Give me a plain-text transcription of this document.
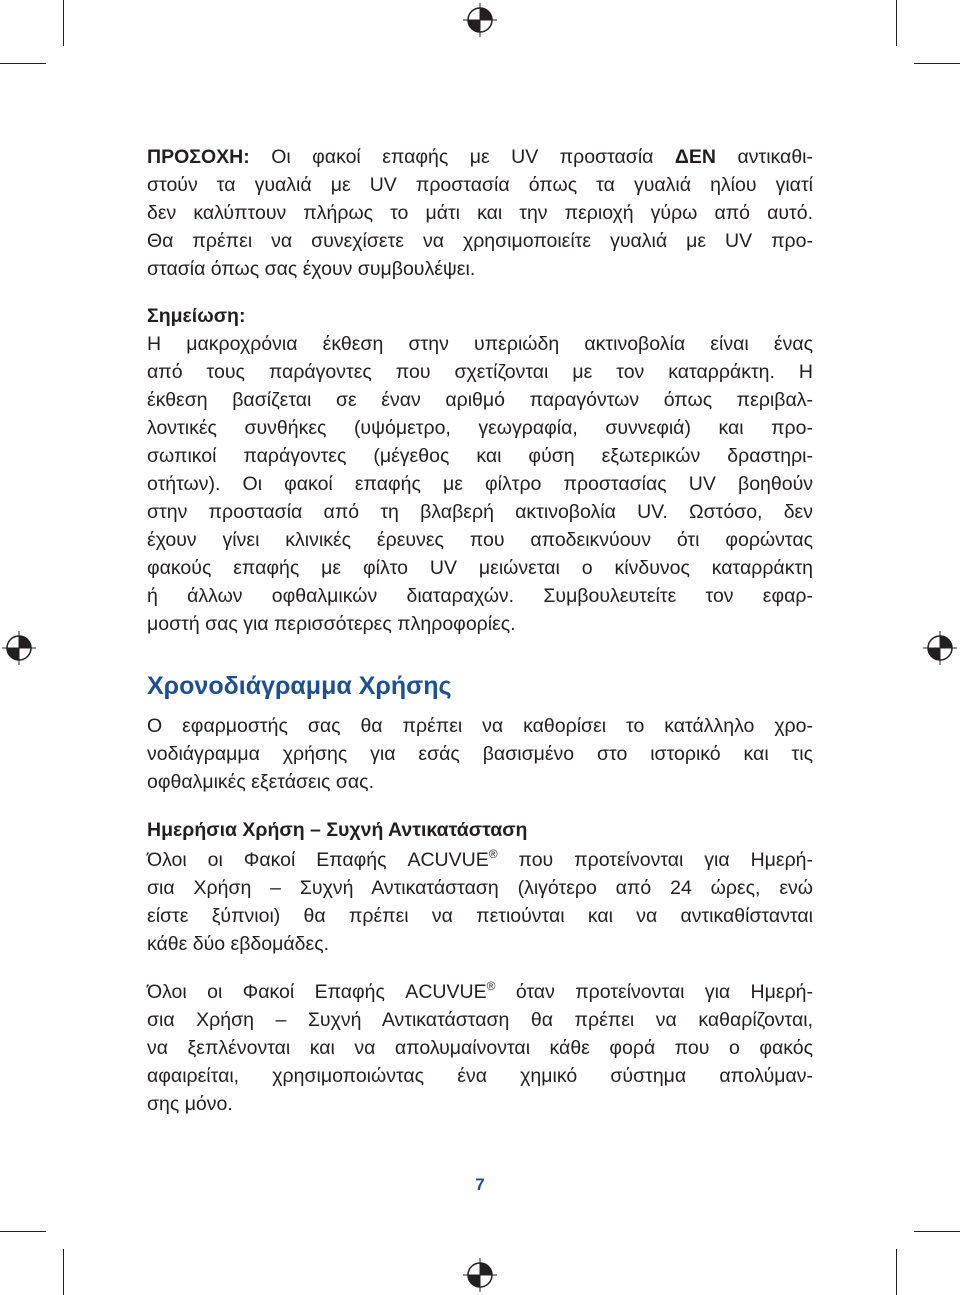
ΠΡΟΣΟΧΗ: Οι φακοί επαφής με UV προστασία ΔΕΝ αντικαθι-
στούν τα γυαλιά με UV προστασία όπως τα γυαλιά ηλίου γιατί
δεν καλύπτουν πλήρως το μάτι και την περιοχή γύρω από αυτό.
Θα πρέπει να συνεχίσετε να χρησιμοποιείτε γυαλιά με UV προ-
στασία όπως σας έχουν συμβουλέψει.
Σημείωση:
Η μακροχρόνια έκθεση στην υπεριώδη ακτινοβολία είναι ένας
από τους παράγοντες που σχετίζονται με τον καταρράκτη. Η
έκθεση βασίζεται σε έναν αριθμό παραγόντων όπως περιβαλ-
λοντικές συνθήκες (υψόμετρο, γεωγραφία, συννεφιά) και προ-
σωπικοί παράγοντες (μέγεθος και φύση εξωτερικών δραστηρι-
οτήτων). Οι φακοί επαφής με φίλτρο προστασίας UV βοηθούν
στην προστασία από τη βλαβερή ακτινοβολία UV. Ωστόσο, δεν
έχουν γίνει κλινικές έρευνες που αποδεικνύουν ότι φορώντας
φακούς επαφής με φίλτο UV μειώνεται ο κίνδυνος καταρράκτη
ή άλλων οφθαλμικών διαταραχών. Συμβουλευτείτε τον εφαρ-
μοστή σας για περισσότερες πληροφορίες.
Χρονοδιάγραμμα Χρήσης
Ο εφαρμοστής σας θα πρέπει να καθορίσει το κατάλληλο χρο-
νοδιάγραμμα χρήσης για εσάς βασισμένο στο ιστορικό και τις
οφθαλμικές εξετάσεις σας.
Ημερήσια Χρήση – Συχνή Αντικατάσταση
Όλοι οι Φακοί Επαφής ACUVUE® που προτείνονται για Ημερή-
σια Χρήση – Συχνή Αντικατάσταση (λιγότερο από 24 ώρες, ενώ
είστε ξύπνιοι) θα πρέπει να πετιούνται και να αντικαθίστανται
κάθε δύο εβδομάδες.
Όλοι οι Φακοί Επαφής ACUVUE® όταν προτείνονται για Ημερή-
σια Χρήση – Συχνή Αντικατάσταση θα πρέπει να καθαρίζονται,
να ξεπλένονται και να απολυμαίνονται κάθε φορά που ο φακός
αφαιρείται, χρησιμοποιώντας ένα χημικό σύστημα απολύμαν-
σης μόνο.
7
